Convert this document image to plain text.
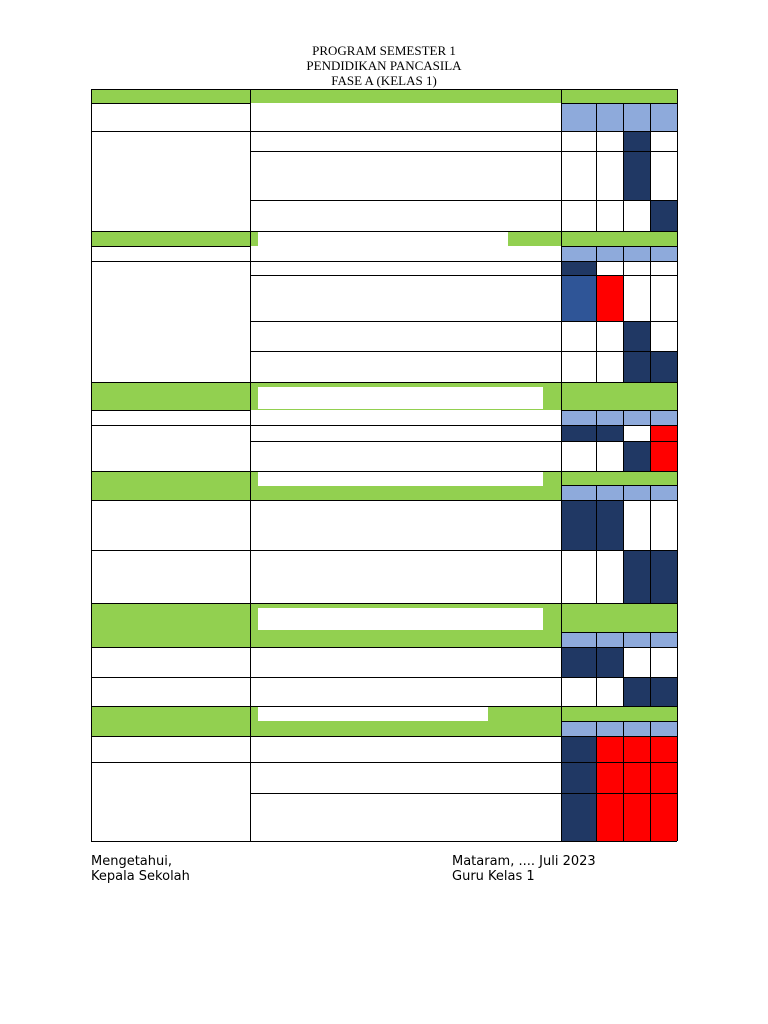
PROGRAM SEMESTER 1
PENDIDIKAN PANCASILA
FASE A (KELAS 1)
Mengetahui,
Kepala Sekolah
Mataram, .... Juli 2023
Guru Kelas 1
